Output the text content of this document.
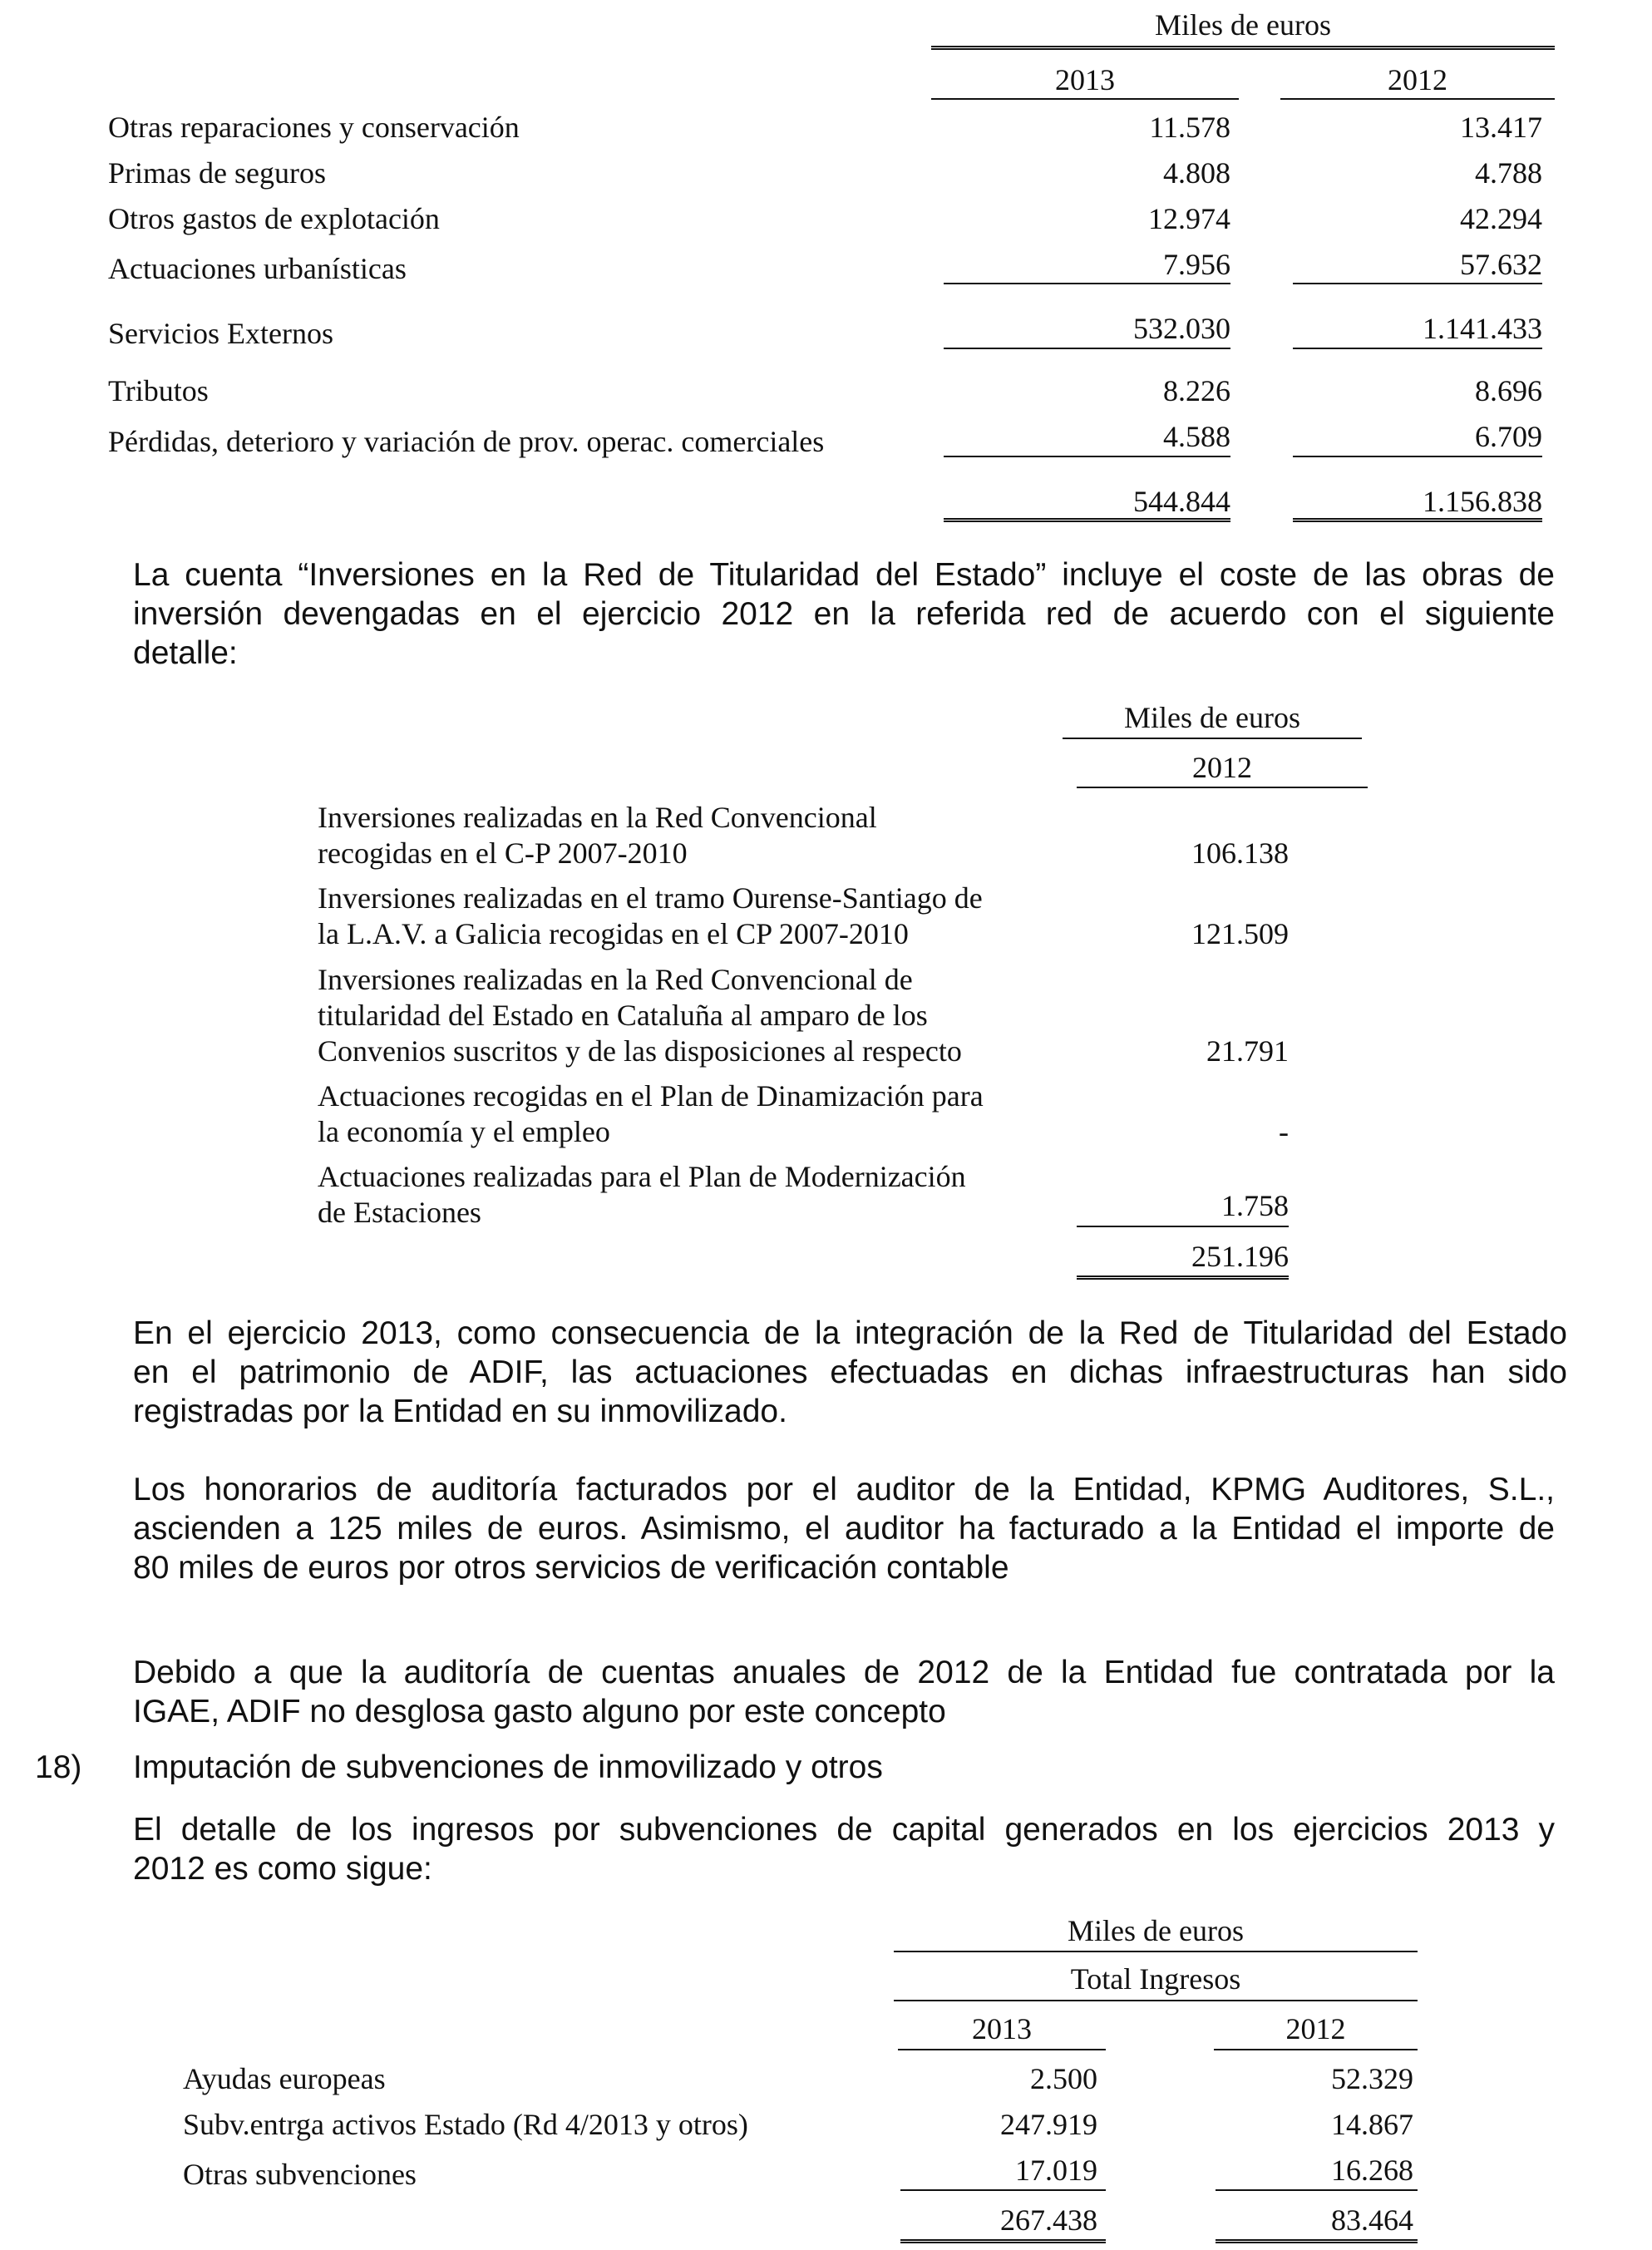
Miles de euros
2013	2012
Otras reparaciones y conservación	11.578	13.417
Primas de seguros	4.808	4.788
Otros gastos de explotación	12.974	42.294
Actuaciones urbanísticas	7.956	57.632
Servicios Externos	532.030	1.141.433
Tributos	8.226	8.696
Pérdidas, deterioro y variación de prov. operac. comerciales	4.588	6.709
544.844	1.156.838
La cuenta “Inversiones en la Red de Titularidad del Estado” incluye el coste de las obras de
inversión devengadas en el ejercicio 2012 en la referida red de acuerdo con el siguiente
detalle:
Miles de euros
2012
Inversiones realizadas en la Red Convencional
recogidas en el C-P 2007-2010	106.138
Inversiones realizadas en el tramo Ourense-Santiago de
la L.A.V. a Galicia recogidas en el CP 2007-2010	121.509
Inversiones realizadas en la Red Convencional de
titularidad del Estado en Cataluña al amparo de los
Convenios suscritos y de las disposiciones al respecto	21.791
Actuaciones recogidas en el Plan de Dinamización para
la economía y el empleo	-
Actuaciones realizadas para el Plan de Modernización
de Estaciones	1.758
251.196
En el ejercicio 2013, como consecuencia de la integración de la Red de Titularidad del Estado
en el patrimonio de ADIF, las actuaciones efectuadas en dichas infraestructuras han sido
registradas por la Entidad en su inmovilizado.
Los honorarios de auditoría facturados por el auditor de la Entidad, KPMG Auditores, S.L.,
ascienden a 125 miles de euros. Asimismo, el auditor ha facturado a la Entidad el importe de
80 miles de euros por otros servicios de verificación contable
Debido a que la auditoría de cuentas anuales de 2012 de la Entidad fue contratada por la
IGAE, ADIF no desglosa gasto alguno por este concepto
18) Imputación de subvenciones de inmovilizado y otros
El detalle de los ingresos por subvenciones de capital generados en los ejercicios 2013 y
2012 es como sigue:
Miles de euros
Total Ingresos
2013	2012
Ayudas europeas	2.500	52.329
Subv.entrga activos Estado (Rd 4/2013 y otros)	247.919	14.867
Otras subvenciones	17.019	16.268
267.438	83.464
